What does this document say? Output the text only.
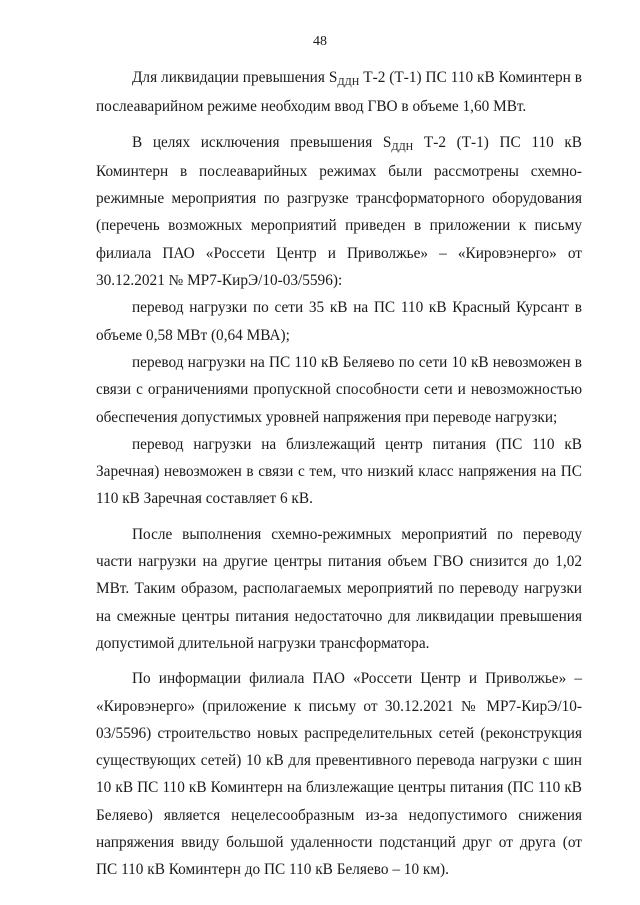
48

Для ликвидации превышения SДДН Т-2 (Т-1) ПС 110 кВ Коминтерн в послеаварийном режиме необходим ввод ГВО в объеме 1,60 МВт.

В целях исключения превышения SДДН Т-2 (Т-1) ПС 110 кВ Коминтерн в послеаварийных режимах были рассмотрены схемно-режимные мероприятия по разгрузке трансформаторного оборудования (перечень возможных мероприятий приведен в приложении к письму филиала ПАО «Россети Центр и Приволжье» – «Кировэнерго» от 30.12.2021 № МР7-КирЭ/10-03/5596):

перевод нагрузки по сети 35 кВ на ПС 110 кВ Красный Курсант в объеме 0,58 МВт (0,64 МВА);

перевод нагрузки на ПС 110 кВ Беляево по сети 10 кВ невозможен в связи с ограничениями пропускной способности сети и невозможностью обеспечения допустимых уровней напряжения при переводе нагрузки;

перевод нагрузки на близлежащий центр питания (ПС 110 кВ Заречная) невозможен в связи с тем, что низкий класс напряжения на ПС 110 кВ Заречная составляет 6 кВ.

После выполнения схемно-режимных мероприятий по переводу части нагрузки на другие центры питания объем ГВО снизится до 1,02 МВт. Таким образом, располагаемых мероприятий по переводу нагрузки на смежные центры питания недостаточно для ликвидации превышения допустимой длительной нагрузки трансформатора.

По информации филиала ПАО «Россети Центр и Приволжье» – «Кировэнерго» (приложение к письму от 30.12.2021 № МР7-КирЭ/10-03/5596) строительство новых распределительных сетей (реконструкция существующих сетей) 10 кВ для превентивного перевода нагрузки с шин 10 кВ ПС 110 кВ Коминтерн на близлежащие центры питания (ПС 110 кВ Беляево) является нецелесообразным из-за недопустимого снижения напряжения ввиду большой удаленности подстанций друг от друга (от ПС 110 кВ Коминтерн до ПС 110 кВ Беляево – 10 км).
